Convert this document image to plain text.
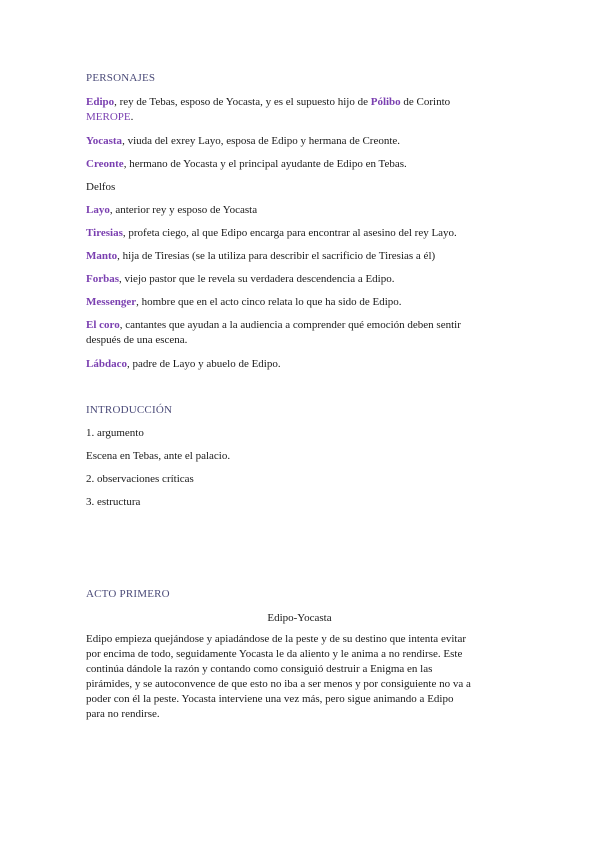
PERSONAJES
Edipo, rey de Tebas, esposo de Yocasta, y es el supuesto hijo de Pólibo de Corinto
MEROPE.
Yocasta, viuda del exrey Layo, esposa de Edipo y hermana de Creonte.
Creonte, hermano de Yocasta y el principal ayudante de Edipo en Tebas.
Delfos
Layo, anterior rey y esposo de Yocasta
Tiresias, profeta ciego, al que Edipo encarga para encontrar al asesino del rey Layo.
Manto, hija de Tiresias (se la utiliza para describir el sacrificio de Tiresias a él)
Forbas, viejo pastor que le revela su verdadera descendencia a Edipo.
Messenger, hombre que en el acto cinco relata lo que ha sido de Edipo.
El coro, cantantes que ayudan a la audiencia a comprender qué emoción deben sentir
después de una escena.
Lábdaco, padre de Layo y abuelo de Edipo.
INTRODUCCIÓN
1. argumento
Escena en Tebas, ante el palacio.
2. observaciones críticas
3. estructura
ACTO PRIMERO
Edipo-Yocasta
Edipo empieza quejándose y apiadándose de la peste y de su destino que intenta evitar
por encima de todo, seguidamente Yocasta le da aliento y le anima a no rendirse. Este
continúa dándole la razón y contando como consiguió destruir a Enigma en las
pirámides, y se autoconvence de que esto no iba a ser menos y por consiguiente no va a
poder con él la peste. Yocasta interviene una vez más, pero sigue animando a Edipo
para no rendirse.
